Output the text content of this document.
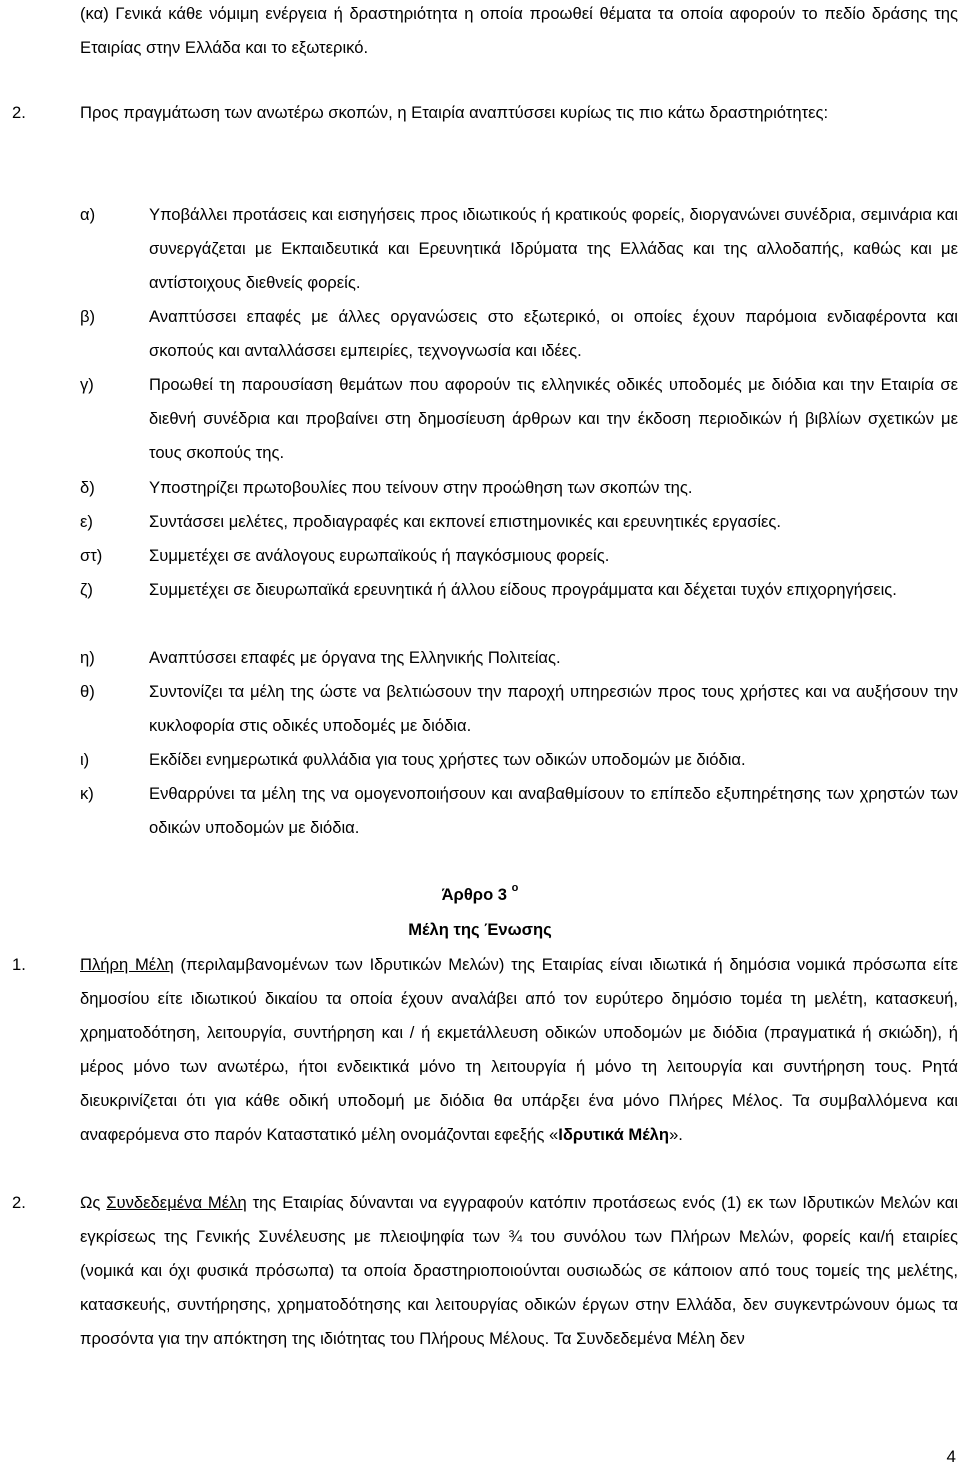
(κα) Γενικά κάθε νόμιμη ενέργεια ή δραστηριότητα η οποία προωθεί θέματα τα οποία αφορούν το πεδίο δράσης της Εταιρίας στην Ελλάδα και το εξωτερικό.

2.	Προς πραγμάτωση των ανωτέρω σκοπών, η Εταιρία αναπτύσσει κυρίως τις πιο κάτω δραστηριότητες:

α)	Υποβάλλει προτάσεις και εισηγήσεις προς ιδιωτικούς ή κρατικούς φορείς, διοργανώνει συνέδρια, σεμινάρια και συνεργάζεται με Εκπαιδευτικά και Ερευνητικά Ιδρύματα της Ελλάδας και της αλλοδαπής, καθώς και με αντίστοιχους διεθνείς φορείς.

β)	Αναπτύσσει επαφές με άλλες οργανώσεις στο εξωτερικό, οι οποίες έχουν παρόμοια ενδιαφέροντα και σκοπούς και ανταλλάσσει εμπειρίες, τεχνογνωσία και ιδέες.

γ)	Προωθεί τη παρουσίαση θεμάτων που αφορούν τις ελληνικές οδικές υποδομές με διόδια και την Εταιρία σε διεθνή συνέδρια και προβαίνει στη δημοσίευση άρθρων και την έκδοση περιοδικών ή βιβλίων σχετικών με τους σκοπούς της.

δ)	Υποστηρίζει πρωτοβουλίες που τείνουν στην προώθηση των σκοπών της.

ε)	Συντάσσει μελέτες, προδιαγραφές και εκπονεί επιστημονικές και ερευνητικές εργασίες.

στ)	Συμμετέχει σε ανάλογους ευρωπαϊκούς ή παγκόσμιους φορείς.

ζ)	Συμμετέχει σε διευρωπαϊκά ερευνητικά ή άλλου είδους προγράμματα και δέχεται τυχόν επιχορηγήσεις.

η)	Αναπτύσσει επαφές με όργανα της Ελληνικής Πολιτείας.

θ)	Συντονίζει τα μέλη της ώστε να βελτιώσουν την παροχή υπηρεσιών προς τους χρήστες και να αυξήσουν την κυκλοφορία στις οδικές υποδομές με διόδια.

ι)	Εκδίδει ενημερωτικά φυλλάδια για τους χρήστες των οδικών υποδομών με διόδια.

κ)	Ενθαρρύνει τα μέλη της να ομογενοποιήσουν και αναβαθμίσουν το επίπεδο εξυπηρέτησης των χρηστών των οδικών υποδομών με διόδια.

Άρθρο 3 $^o$
Μέλη της Ένωσης
1.	Πλήρη Μέλη (περιλαμβανομένων των Ιδρυτικών Μελών) της Εταιρίας είναι ιδιωτικά ή δημόσια νομικά πρόσωπα είτε δημοσίου είτε ιδιωτικού δικαίου τα οποία έχουν αναλάβει από τον ευρύτερο δημόσιο τομέα τη μελέτη, κατασκευή, χρηματοδότηση, λειτουργία, συντήρηση και / ή εκμετάλλευση οδικών υποδομών με διόδια (πραγματικά ή σκιώδη), ή μέρος μόνο των ανωτέρω, ήτοι ενδεικτικά μόνο τη λειτουργία ή μόνο τη λειτουργία και συντήρηση τους. Ρητά διευκρινίζεται ότι για κάθε οδική υποδομή με διόδια θα υπάρξει ένα μόνο Πλήρες Μέλος. Τα συμβαλλόμενα και αναφερόμενα στο παρόν Καταστατικό μέλη ονομάζονται εφεξής «Ιδρυτικά Μέλη».

2.	Ως Συνδεδεμένα Μέλη της Εταιρίας δύνανται να εγγραφούν κατόπιν προτάσεως ενός (1) εκ των Ιδρυτικών Μελών και εγκρίσεως της Γενικής Συνέλευσης με πλειοψηφία των ¾ του συνόλου των Πλήρων Μελών, φορείς και/ή εταιρίες (νομικά και όχι φυσικά πρόσωπα) τα οποία δραστηριοποιούνται ουσιωδώς σε κάποιον από τους τομείς της μελέτης, κατασκευής, συντήρησης, χρηματοδότησης και λειτουργίας οδικών έργων στην Ελλάδα, δεν συγκεντρώνουν όμως τα προσόντα για την απόκτηση της ιδιότητας του Πλήρους Μέλους. Τα Συνδεδεμένα Μέλη δεν

4
